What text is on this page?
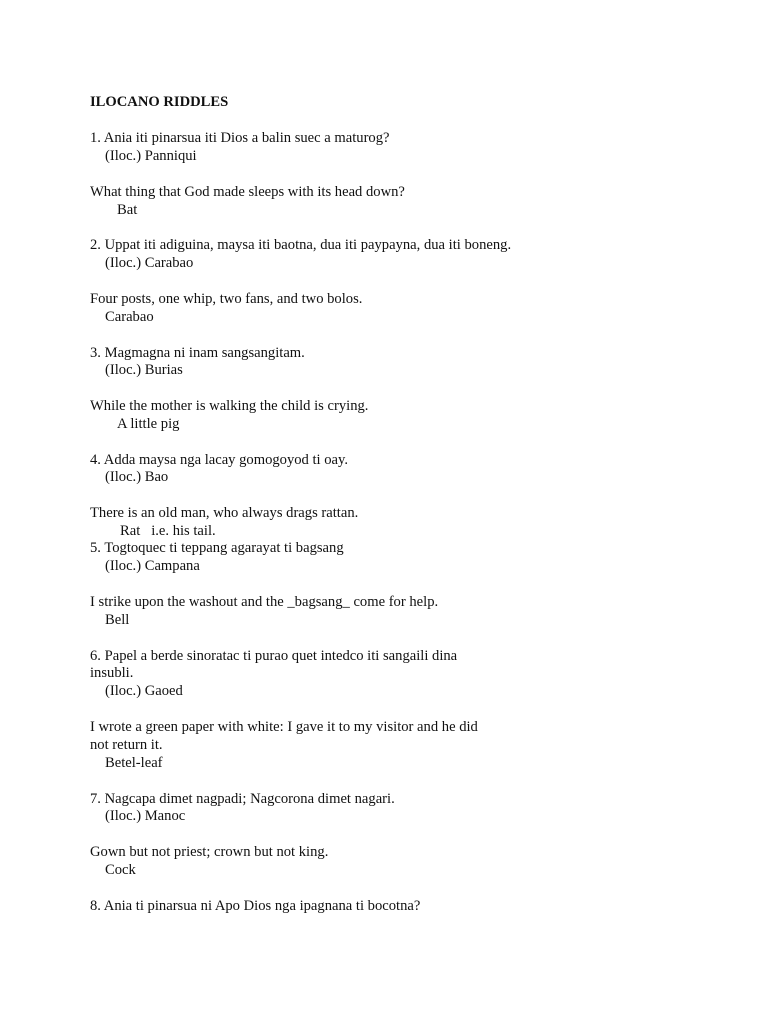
ILOCANO RIDDLES

1. Ania iti pinarsua iti Dios a balin suec a maturog?

(Iloc.) Panniqui

What thing that God made sleeps with its head down?

Bat

2. Uppat iti adiguina, maysa iti baotna, dua iti paypayna, dua iti boneng.

(Iloc.) Carabao

Four posts, one whip, two fans, and two bolos.

Carabao

3. Magmagna ni inam sangsangitam.

(Iloc.) Burias

While the mother is walking the child is crying.

A little pig

4. Adda maysa nga lacay gomogoyod ti oay.

(Iloc.) Bao

There is an old man, who always drags rattan.

Rat   i.e. his tail.

5. Togtoquec ti teppang agarayat ti bagsang

(Iloc.) Campana

I strike upon the washout and the _bagsang_ come for help.

Bell

6. Papel a berde sinoratac ti purao quet intedco iti sangaili dina

insubli.

(Iloc.) Gaoed

I wrote a green paper with white: I gave it to my visitor and he did

not return it.

Betel-leaf

7. Nagcapa dimet nagpadi; Nagcorona dimet nagari.

(Iloc.) Manoc

Gown but not priest; crown but not king.

Cock

8. Ania ti pinarsua ni Apo Dios nga ipagnana ti bocotna?
